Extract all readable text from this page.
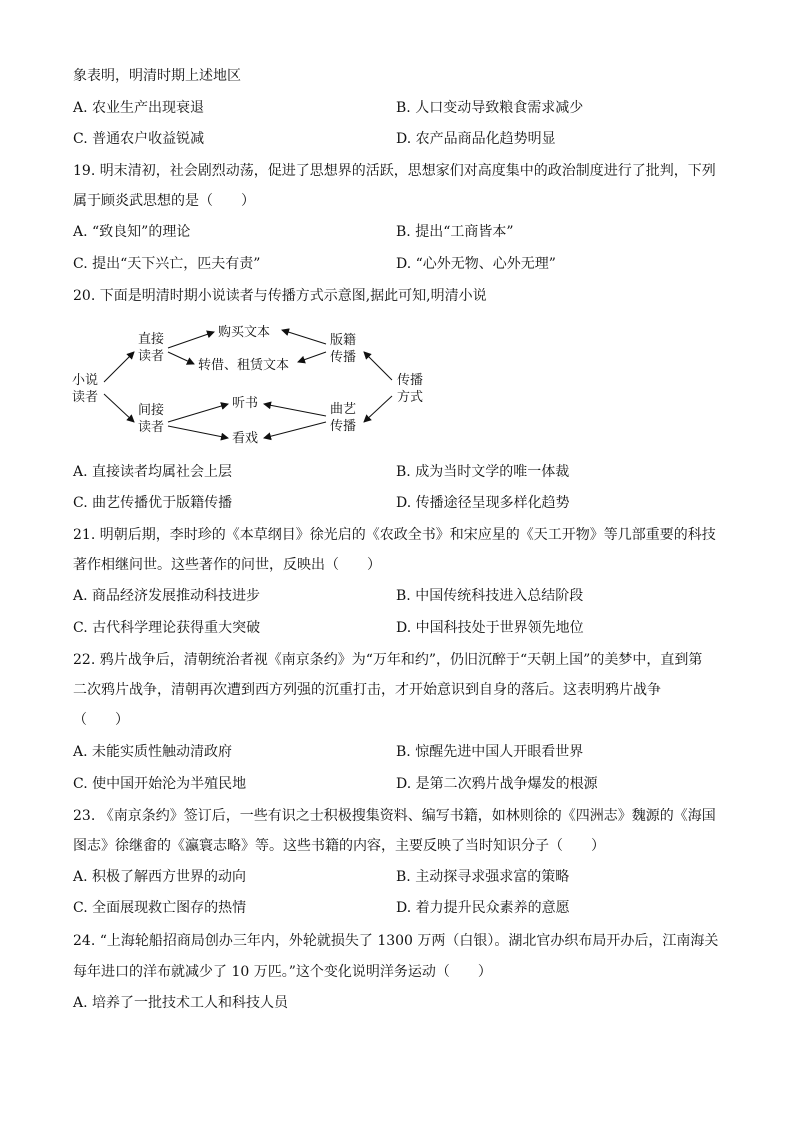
象表明，明清时期上述地区
A. 农业生产出现衰退	B. 人口变动导致粮食需求减少
C. 普通农户收益锐减	D. 农产品商品化趋势明显
19. 明末清初，社会剧烈动荡，促进了思想界的活跃，思想家们对高度集中的政治制度进行了批判，下列
属于顾炎武思想的是（　　）
A. “致良知”的理论	B. 提出“工商皆本”
C. 提出“天下兴亡，匹夫有责”	D. “心外无物、心外无理”
20. 下面是明清时期小说读者与传播方式示意图,据此可知,明清小说
小说
读者
直接
读者
间接
读者
购买文本
转借、租赁文本
听书
看戏
版籍
传播
曲艺
传播
传播
方式
A. 直接读者均属社会上层	B. 成为当时文学的唯一体裁
C. 曲艺传播优于版籍传播	D. 传播途径呈现多样化趋势
21. 明朝后期，李时珍的《本草纲目》徐光启的《农政全书》和宋应星的《天工开物》等几部重要的科技
著作相继问世。这些著作的问世，反映出（　　）
A. 商品经济发展推动科技进步	B. 中国传统科技进入总结阶段
C. 古代科学理论获得重大突破	D. 中国科技处于世界领先地位
22. 鸦片战争后，清朝统治者视《南京条约》为“万年和约”，仍旧沉醉于“天朝上国”的美梦中，直到第
二次鸦片战争，清朝再次遭到西方列强的沉重打击，才开始意识到自身的落后。这表明鸦片战争
（　　）
A. 未能实质性触动清政府	B. 惊醒先进中国人开眼看世界
C. 使中国开始沦为半殖民地	D. 是第二次鸦片战争爆发的根源
23. 《南京条约》签订后，一些有识之士积极搜集资料、编写书籍，如林则徐的《四洲志》魏源的《海国
图志》徐继畬的《瀛寰志略》等。这些书籍的内容，主要反映了当时知识分子（　　）
A. 积极了解西方世界的动向	B. 主动探寻求强求富的策略
C. 全面展现救亡图存的热情	D. 着力提升民众素养的意愿
24. “上海轮船招商局创办三年内，外轮就损失了 1300 万两（白银）。湖北官办织布局开办后，江南海关
每年进口的洋布就减少了 10 万匹。”这个变化说明洋务运动（　　）
A. 培养了一批技术工人和科技人员
